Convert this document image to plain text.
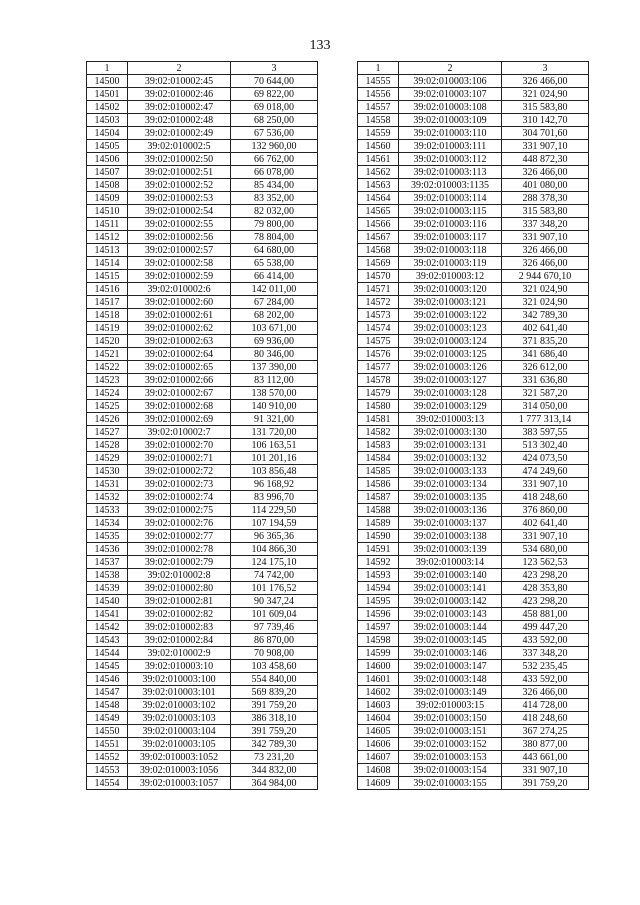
133
1	2	3
14500	39:02:010002:45	70 644,00
14501	39:02:010002:46	69 822,00
14502	39:02:010002:47	69 018,00
14503	39:02:010002:48	68 250,00
14504	39:02:010002:49	67 536,00
14505	39:02:010002:5	132 960,00
14506	39:02:010002:50	66 762,00
14507	39:02:010002:51	66 078,00
14508	39:02:010002:52	85 434,00
14509	39:02:010002:53	83 352,00
14510	39:02:010002:54	82 032,00
14511	39:02:010002:55	79 800,00
14512	39:02:010002:56	78 804,00
14513	39:02:010002:57	64 680,00
14514	39:02:010002:58	65 538,00
14515	39:02:010002:59	66 414,00
14516	39:02:010002:6	142 011,00
14517	39:02:010002:60	67 284,00
14518	39:02:010002:61	68 202,00
14519	39:02:010002:62	103 671,00
14520	39:02:010002:63	69 936,00
14521	39:02:010002:64	80 346,00
14522	39:02:010002:65	137 390,00
14523	39:02:010002:66	83 112,00
14524	39:02:010002:67	138 570,00
14525	39:02:010002:68	140 910,00
14526	39:02:010002:69	91 321,00
14527	39:02:010002:7	131 720,00
14528	39:02:010002:70	106 163,51
14529	39:02:010002:71	101 201,16
14530	39:02:010002:72	103 856,48
14531	39:02:010002:73	96 168,92
14532	39:02:010002:74	83 996,70
14533	39:02:010002:75	114 229,50
14534	39:02:010002:76	107 194,59
14535	39:02:010002:77	96 365,36
14536	39:02:010002:78	104 866,30
14537	39:02:010002:79	124 175,10
14538	39:02:010002:8	74 742,00
14539	39:02:010002:80	101 176,52
14540	39:02:010002:81	90 347,24
14541	39:02:010002:82	101 609,04
14542	39:02:010002:83	97 739,46
14543	39:02:010002:84	86 870,00
14544	39:02:010002:9	70 908,00
14545	39:02:010003:10	103 458,60
14546	39:02:010003:100	554 840,00
14547	39:02:010003:101	569 839,20
14548	39:02:010003:102	391 759,20
14549	39:02:010003:103	386 318,10
14550	39:02:010003:104	391 759,20
14551	39:02:010003:105	342 789,30
14552	39:02:010003:1052	73 231,20
14553	39:02:010003:1056	344 832,00
14554	39:02:010003:1057	364 984,00
1	2	3
14555	39:02:010003:106	326 466,00
14556	39:02:010003:107	321 024,90
14557	39:02:010003:108	315 583,80
14558	39:02:010003:109	310 142,70
14559	39:02:010003:110	304 701,60
14560	39:02:010003:111	331 907,10
14561	39:02:010003:112	448 872,30
14562	39:02:010003:113	326 466,00
14563	39:02:010003:1135	401 080,00
14564	39:02:010003:114	288 378,30
14565	39:02:010003:115	315 583,80
14566	39:02:010003:116	337 348,20
14567	39:02:010003:117	331 907,10
14568	39:02:010003:118	326 466,00
14569	39:02:010003:119	326 466,00
14570	39:02:010003:12	2 944 670,10
14571	39:02:010003:120	321 024,90
14572	39:02:010003:121	321 024,90
14573	39:02:010003:122	342 789,30
14574	39:02:010003:123	402 641,40
14575	39:02:010003:124	371 835,20
14576	39:02:010003:125	341 686,40
14577	39:02:010003:126	326 612,00
14578	39:02:010003:127	331 636,80
14579	39:02:010003:128	321 587,20
14580	39:02:010003:129	314 050,00
14581	39:02:010003:13	1 777 313,14
14582	39:02:010003:130	383 597,55
14583	39:02:010003:131	513 302,40
14584	39:02:010003:132	424 073,50
14585	39:02:010003:133	474 249,60
14586	39:02:010003:134	331 907,10
14587	39:02:010003:135	418 248,60
14588	39:02:010003:136	376 860,00
14589	39:02:010003:137	402 641,40
14590	39:02:010003:138	331 907,10
14591	39:02:010003:139	534 680,00
14592	39:02:010003:14	123 562,53
14593	39:02:010003:140	423 298,20
14594	39:02:010003:141	428 353,80
14595	39:02:010003:142	423 298,20
14596	39:02:010003:143	458 881,00
14597	39:02:010003:144	499 447,20
14598	39:02:010003:145	433 592,00
14599	39:02:010003:146	337 348,20
14600	39:02:010003:147	532 235,45
14601	39:02:010003:148	433 592,00
14602	39:02:010003:149	326 466,00
14603	39:02:010003:15	414 728,00
14604	39:02:010003:150	418 248,60
14605	39:02:010003:151	367 274,25
14606	39:02:010003:152	380 877,00
14607	39:02:010003:153	443 661,00
14608	39:02:010003:154	331 907,10
14609	39:02:010003:155	391 759,20
